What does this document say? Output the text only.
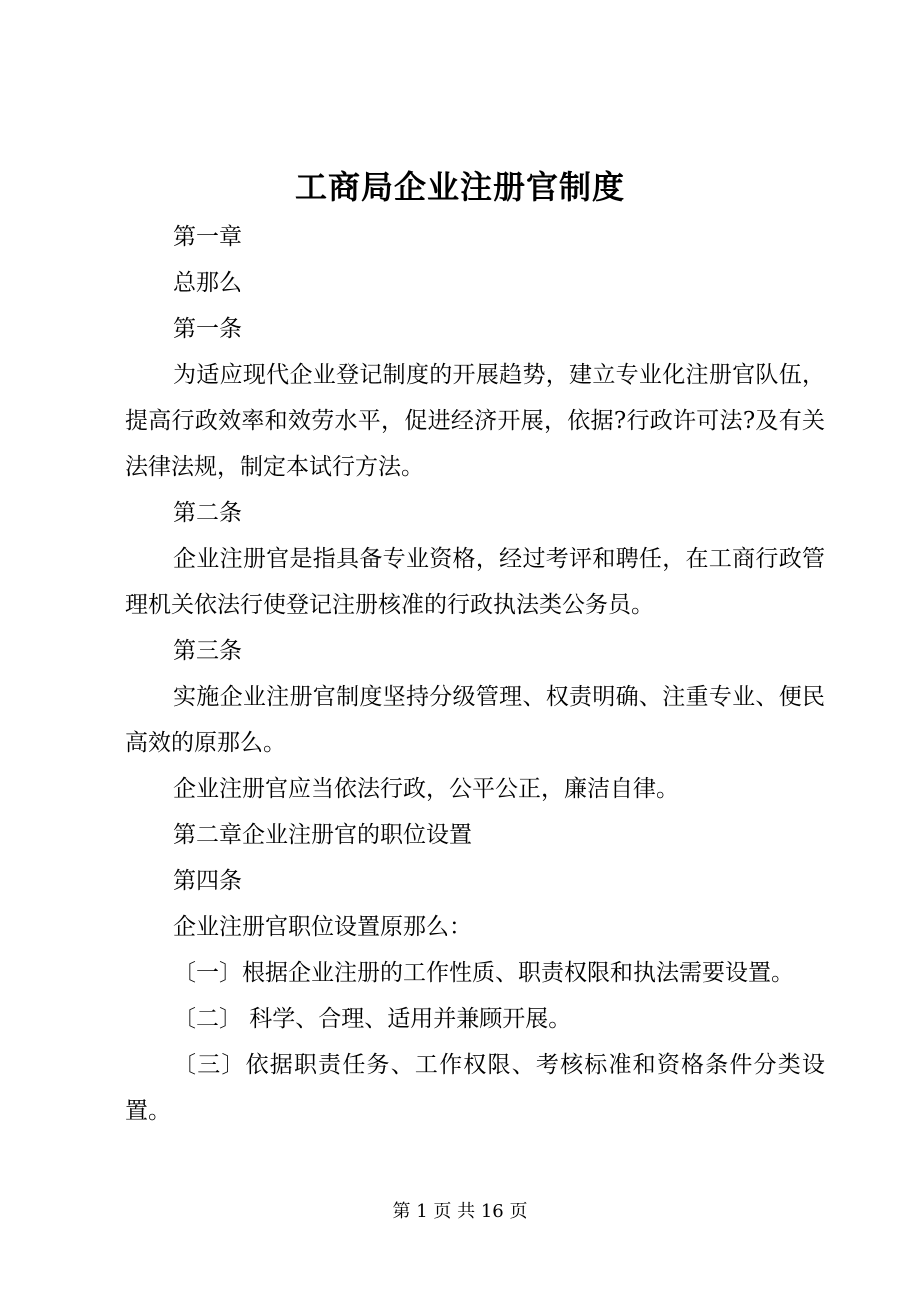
工商局企业注册官制度

第一章

总那么

第一条

为适应现代企业登记制度的开展趋势，建立专业化注册官队伍，提高行政效率和效劳水平，促进经济开展，依据?行政许可法?及有关法律法规，制定本试行方法。

第二条

企业注册官是指具备专业资格，经过考评和聘任，在工商行政管理机关依法行使登记注册核准的行政执法类公务员。

第三条

实施企业注册官制度坚持分级管理、权责明确、注重专业、便民高效的原那么。

企业注册官应当依法行政，公平公正，廉洁自律。

第二章企业注册官的职位设置

第四条

企业注册官职位设置原那么：

〔一〕根据企业注册的工作性质、职责权限和执法需要设置。

〔二〕 科学、合理、适用并兼顾开展。

〔三〕依据职责任务、工作权限、考核标准和资格条件分类设置。

第 1 页 共 16 页
